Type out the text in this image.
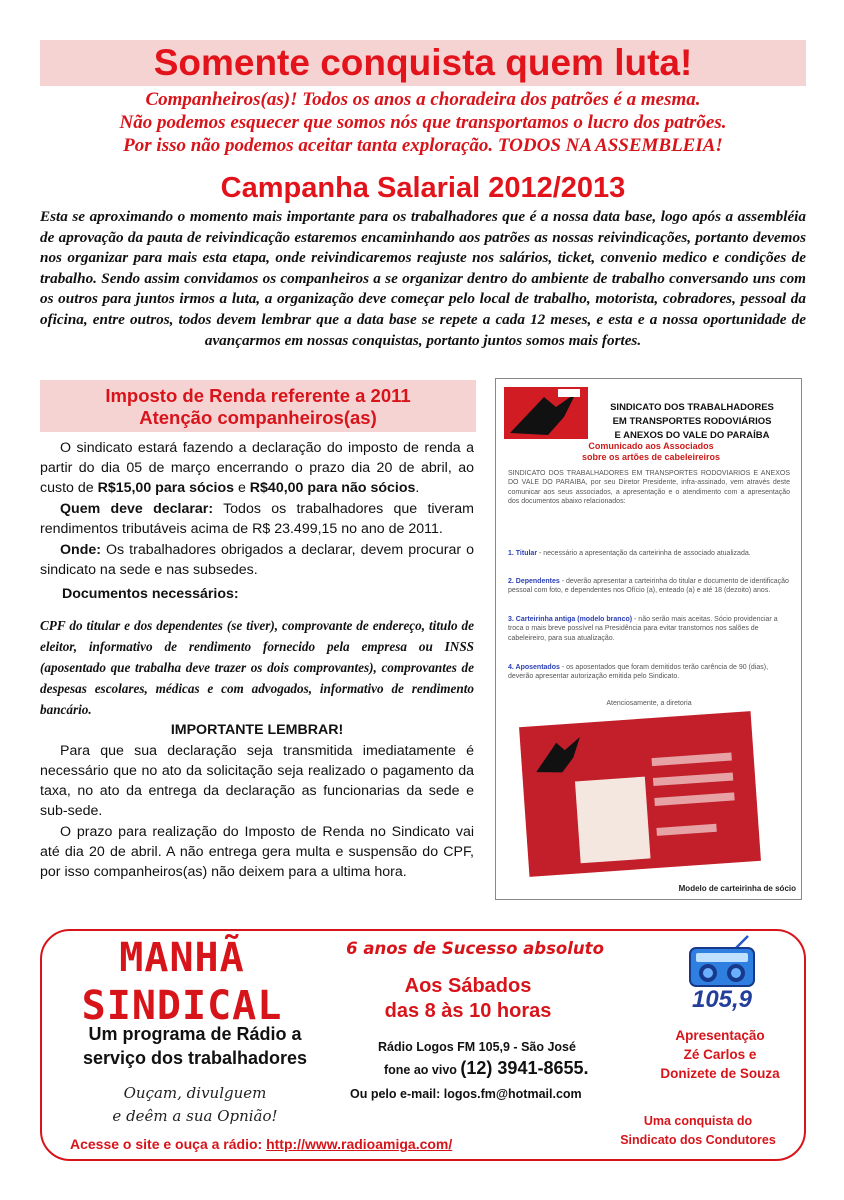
Somente conquista quem luta!
Companheiros(as)! Todos os anos a choradeira dos patrões é a mesma.
Não podemos esquecer que somos nós que transportamos o lucro dos patrões.
Por isso não podemos aceitar tanta exploração. TODOS NA ASSEMBLEIA!
Campanha Salarial 2012/2013

Esta se aproximando o momento mais importante para os trabalhadores que é a nossa data base, logo após a assembléia de aprovação da pauta de reivindicação estaremos encaminhando aos patrões as nossas reivindicações, portanto devemos nos organizar para mais esta etapa, onde reivindicaremos reajuste nos salários, ticket, convenio medico e condições de trabalho. Sendo assim convidamos os companheiros a se organizar dentro do ambiente de trabalho conversando uns com os outros para juntos irmos a luta, a organização deve começar pelo local de trabalho, motorista, cobradores, pessoal da oficina, entre outros, todos devem lembrar que a data base se repete a cada 12 meses, e esta e a nossa oportunidade de avançarmos em nossas conquistas, portanto juntos somos mais fortes.

Imposto de Renda referente a 2011
Atenção companheiros(as)

O sindicato estará fazendo a declaração do imposto de renda a partir do dia 05 de março encerrando o prazo dia 20 de abril, ao custo de R$15,00 para sócios e R$40,00 para não sócios.

Quem deve declarar: Todos os trabalhadores que tiveram rendimentos tributáveis acima de R$ 23.499,15 no ano de 2011.

Onde: Os trabalhadores obrigados a declarar, devem procurar o sindicato na sede e nas subsedes.

Documentos necessários:

CPF do titular e dos dependentes (se tiver), comprovante de endereço, titulo de eleitor, informativo de rendimento fornecido pela empresa ou INSS (aposentado que trabalha deve trazer os dois comprovantes), comprovantes de despesas escolares, médicas e com advogados, informativo de rendimento bancário.

IMPORTANTE LEMBRAR!

Para que sua declaração seja transmitida imediatamente é necessário que no ato da solicitação seja realizado o pagamento da taxa, no ato da entrega da declaração as funcionarias da sede e sub-sede.

O prazo para realização do Imposto de Renda no Sindicato vai até dia 20 de abril. A não entrega gera multa e suspensão do CPF, por isso companheiros(as) não deixem para a ultima hora.

SINDICATO DOS TRABALHADORES
EM TRANSPORTES RODOVIÁRIOS
E ANEXOS DO VALE DO PARAÍBA
Comunicado aos Associados
sobre os artões de cabeleireiros
SINDICATO DOS TRABALHADORES EM TRANSPORTES RODOVIARIOS E ANEXOS DO VALE DO PARAIBA, por seu Diretor Presidente, infra-assinado, vem através deste comunicar aos seus associados, a apresentação e o atendimento com a apresentação dos documentos abaixo relacionados:
1. Titular - necessário a apresentação da carteirinha de associado atualizada.
2. Dependentes - deverão apresentar a carteirinha do titular e documento de identificação pessoal com foto, e dependentes nos Ofício (a), enteado (a) e até 18 (dezoito) anos.
3. Carteirinha antiga (modelo branco) - não serão mais aceitas. Sócio providenciar a troca o mais breve possível na Presidência para evitar transtornos nos salões de cabeleireiro, para sua atualização.
4. Aposentados - os aposentados que foram demitidos terão carência de 90 (dias), deverão apresentar autorização emitida pelo Sindicato.
Atenciosamente, a diretoria
Modelo de carteirinha de sócio
MANHÃ
SINDICAL
Um programa de Rádio a
serviço dos trabalhadores
Ouçam, divulguem
e deêm a sua Opnião!
6 anos de Sucesso absoluto
Aos Sábados
das 8 às 10 horas
Rádio Logos FM 105,9 - São José
fone ao vivo (12) 3941-8655.
Ou pelo e-mail: logos.fm@hotmail.com
105,9
Apresentação
Zé Carlos e
Donizete de Souza
Uma conquista do
Sindicato dos Condutores
Acesse o site e ouça a rádio: http://www.radioamiga.com/
